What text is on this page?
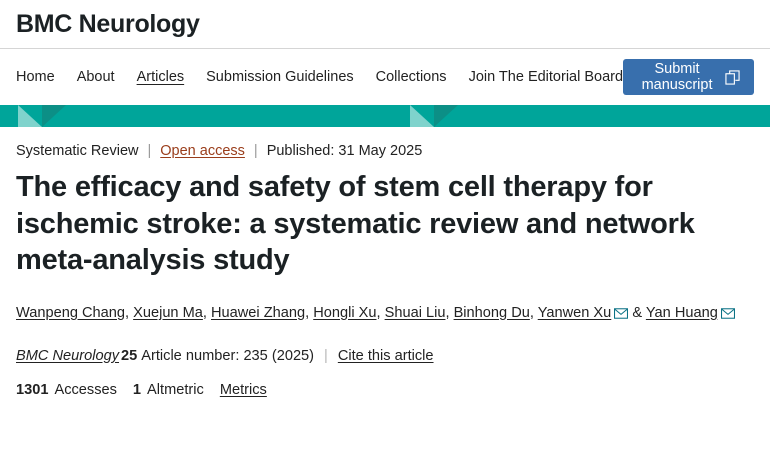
BMC Neurology
Home About Articles Submission Guidelines Collections Join The Editorial Board	Submit manuscript
Systematic Review | Open access | Published: 31 May 2025
The efficacy and safety of stem cell therapy for ischemic stroke: a systematic review and network meta-analysis study
Wanpeng Chang, Xuejun Ma, Huawei Zhang, Hongli Xu, Shuai Liu, Binhong Du, Yanwen Xu & Yan Huang
BMC Neurology 25 Article number: 235 (2025) | Cite this article
1301 Accesses 1 Altmetric Metrics
